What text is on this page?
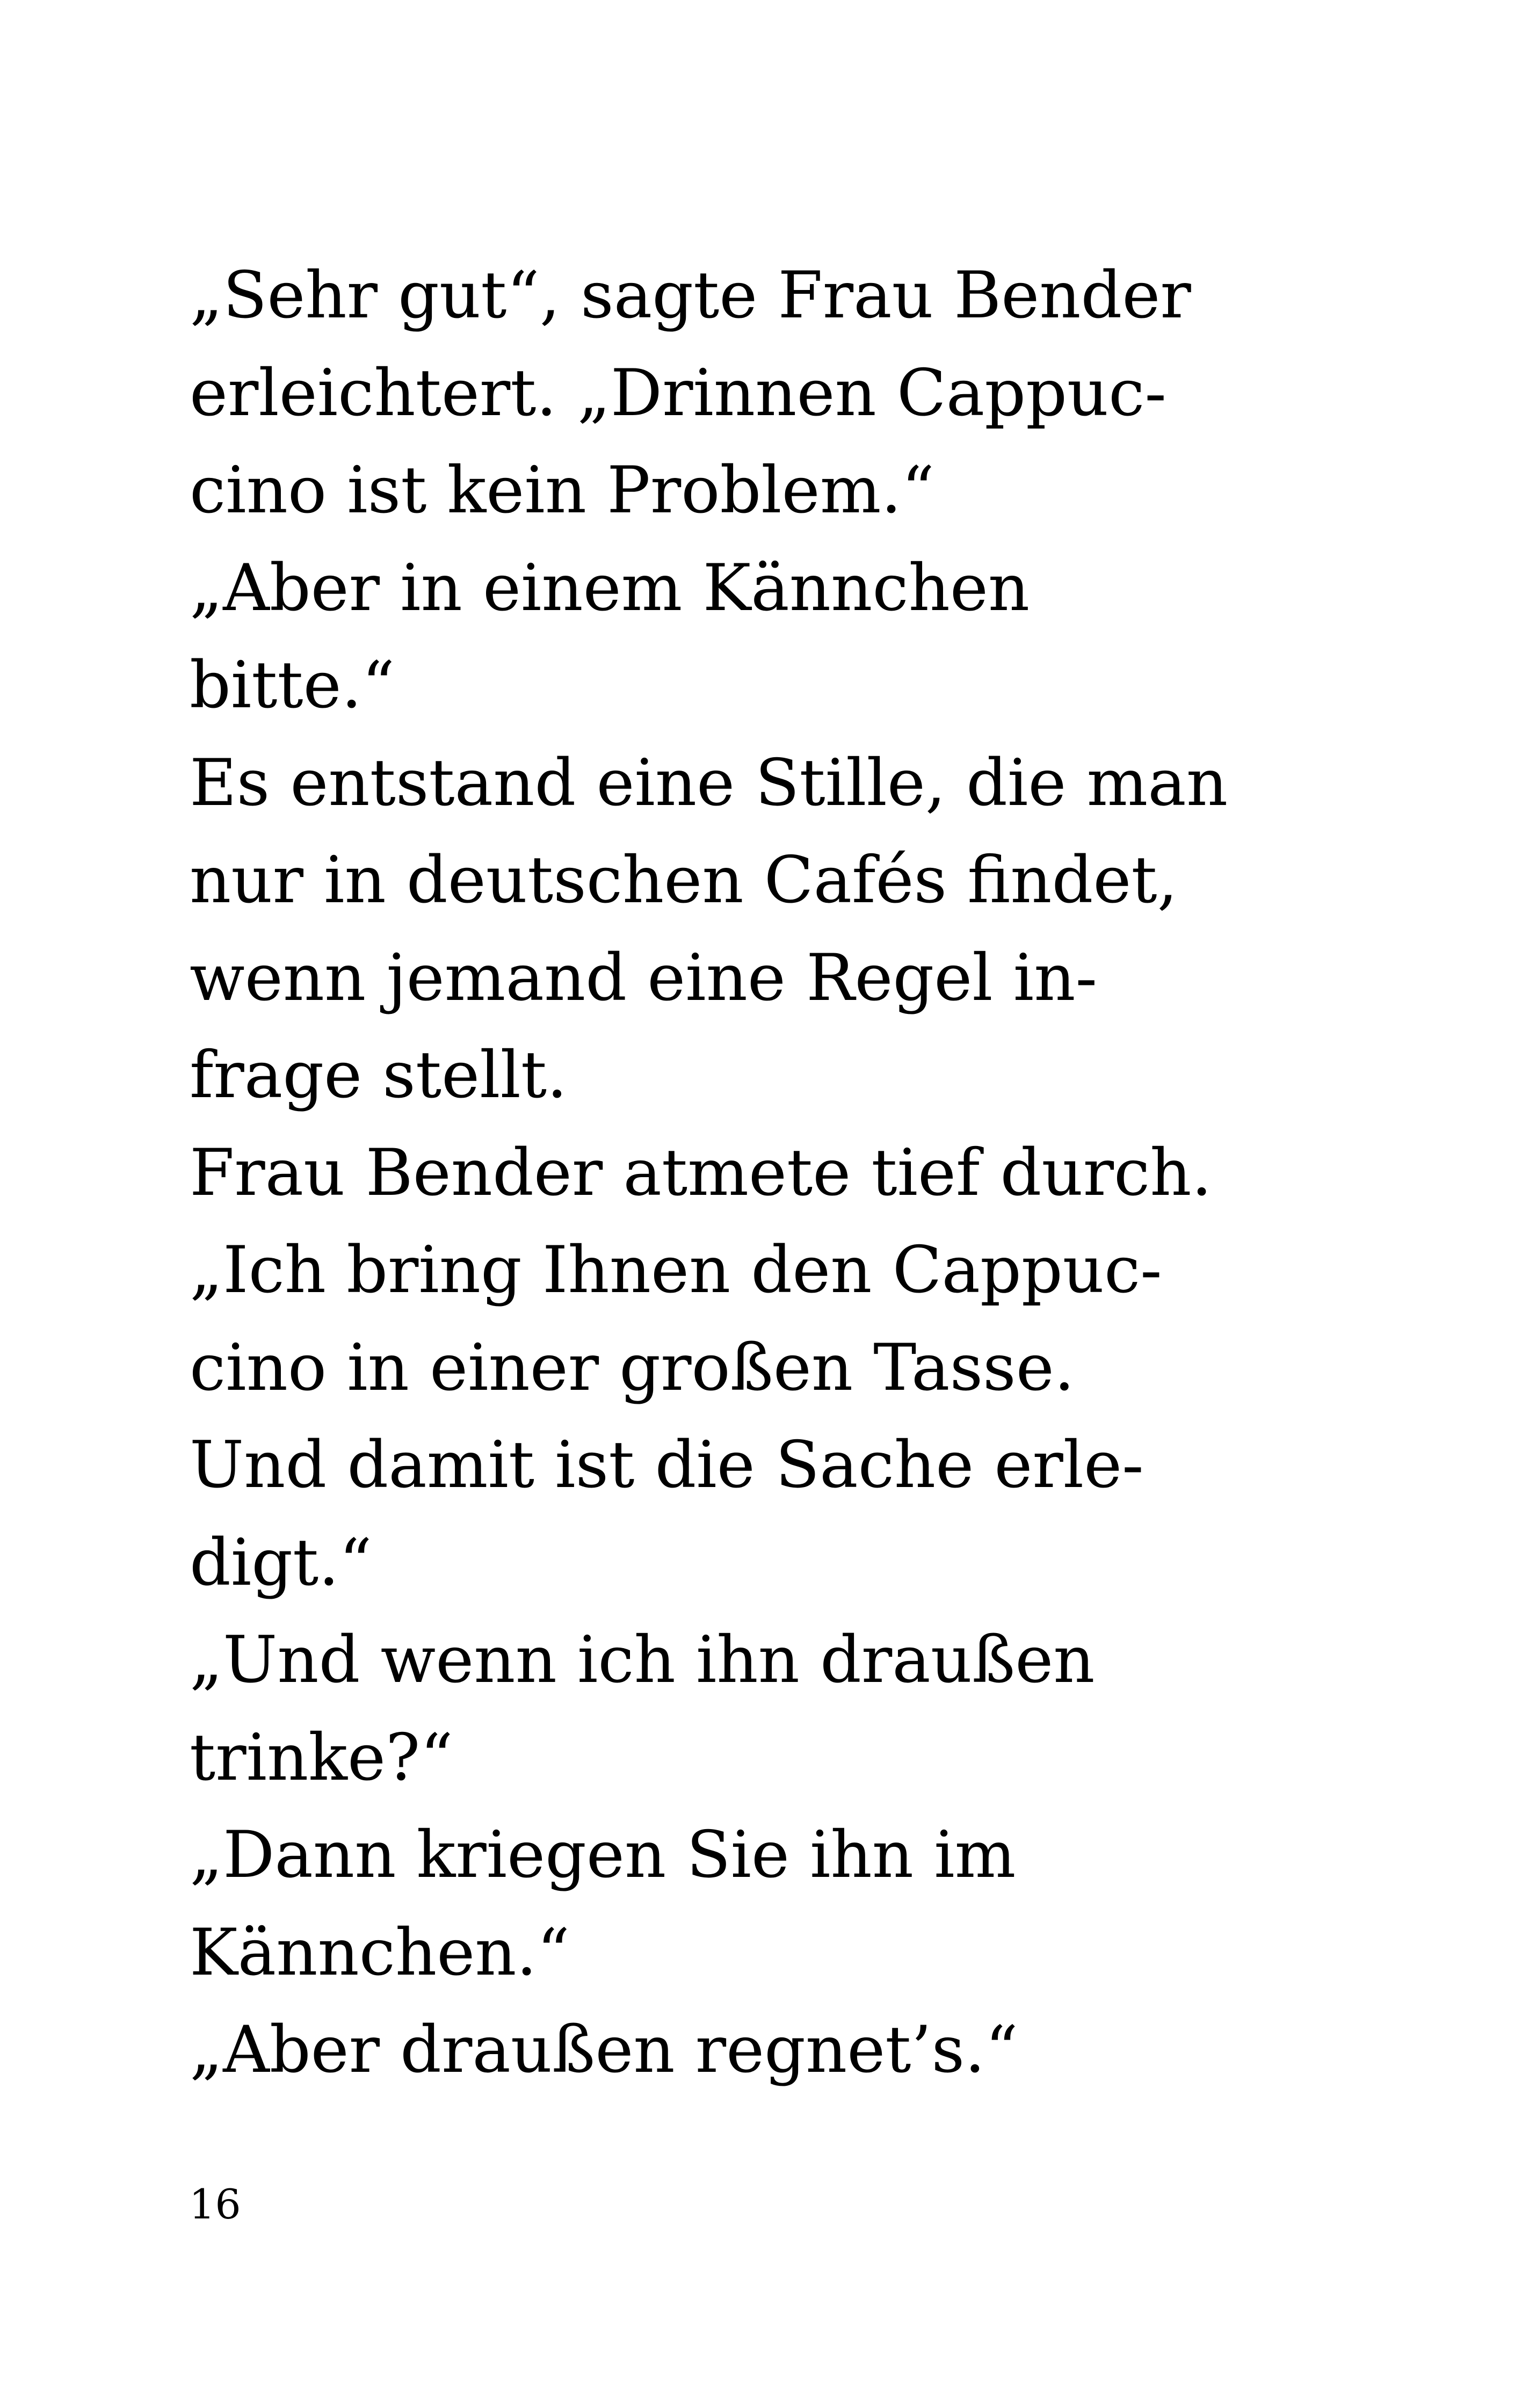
„Sehr gut“, sagte Frau Bender
erleichtert. „Drinnen Cappuc-
cino ist kein Problem.“
„Aber in einem Kännchen
bitte.“
Es entstand eine Stille, die man
nur in deutschen Cafés findet,
wenn jemand eine Regel in-
frage stellt.
Frau Bender atmete tief durch.
„Ich bring Ihnen den Cappuc-
cino in einer großen Tasse.
Und damit ist die Sache erle-
digt.“
„Und wenn ich ihn draußen
trinke?“
„Dann kriegen Sie ihn im
Kännchen.“
„Aber draußen regnet’s.“
16
